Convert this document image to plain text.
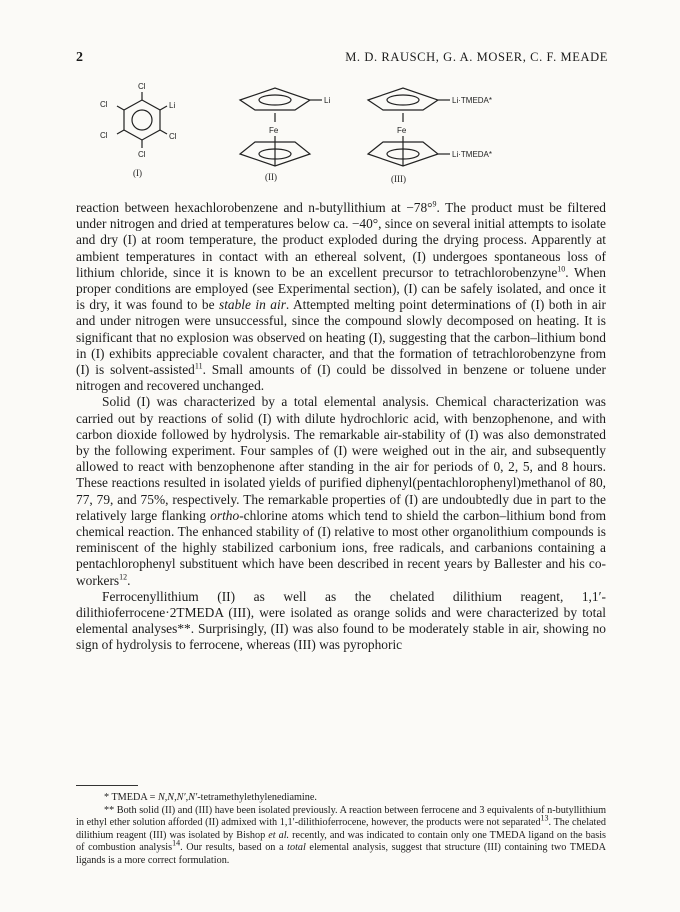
2	M. D. RAUSCH, G. A. MOSER, C. F. MEADE
Cl
Cl	Li
Cl	Cl
Cl
(I)
Li
Fe
(II)
Li·TMEDA*
Fe
Li·TMEDA*
(III)

reaction between hexachlorobenzene and n-butyllithium at −78°$^9$. The product must be filtered under nitrogen and dried at temperatures below ca. −40°, since on several initial attempts to isolate and dry (I) at room temperature, the product exploded during the drying process. Apparently at ambient temperatures in contact with an ethereal solvent, (I) undergoes spontaneous loss of lithium chloride, since it is known to be an excellent precursor to tetrachlorobenzyne$^{10}$. When proper conditions are employed (see Experimental section), (I) can be safely isolated, and once it is dry, it was found to be stable in air. Attempted melting point determinations of (I) both in air and under nitrogen were unsuccessful, since the compound slowly decomposed on heating. It is significant that no explosion was observed on heating (I), suggesting that the carbon–lithium bond in (I) exhibits appreciable covalent character, and that the formation of tetrachlorobenzyne from (I) is solvent-assisted$^{11}$. Small amounts of (I) could be dissolved in benzene or toluene under nitrogen and recovered unchanged.

Solid (I) was characterized by a total elemental analysis. Chemical characterization was carried out by reactions of solid (I) with dilute hydrochloric acid, with benzophenone, and with carbon dioxide followed by hydrolysis. The remarkable air-stability of (I) was also demonstrated by the following experiment. Four samples of (I) were weighed out in the air, and subsequently allowed to react with benzophenone after standing in the air for periods of 0, 2, 5, and 8 hours. These reactions resulted in isolated yields of purified diphenyl(pentachlorophenyl)methanol of 80, 77, 79, and 75%, respectively. The remarkable properties of (I) are undoubtedly due in part to the relatively large flanking ortho-chlorine atoms which tend to shield the carbon–lithium bond from chemical reaction. The enhanced stability of (I) relative to most other organolithium compounds is reminiscent of the highly stabilized carbonium ions, free radicals, and carbanions containing a pentachlorophenyl substituent which have been described in recent years by Ballester and his co-workers$^{12}$.

Ferrocenyllithium (II) as well as the chelated dilithium reagent, 1,1′-dilithioferrocene·2TMEDA (III), were isolated as orange solids and were characterized by total elemental analyses**. Surprisingly, (II) was also found to be moderately stable in air, showing no sign of hydrolysis to ferrocene, whereas (III) was pyrophoric

* TMEDA = N,N,N′,N′-tetramethylethylenediamine.

** Both solid (II) and (III) have been isolated previously. A reaction between ferrocene and 3 equivalents of n-butyllithium in ethyl ether solution afforded (II) admixed with 1,1′-dilithioferrocene, however, the products were not separated$^{13}$. The chelated dilithium reagent (III) was isolated by Bishop et al. recently, and was indicated to contain only one TMEDA ligand on the basis of combustion analysis$^{14}$. Our results, based on a total elemental analysis, suggest that structure (III) containing two TMEDA ligands is a more correct formulation.
